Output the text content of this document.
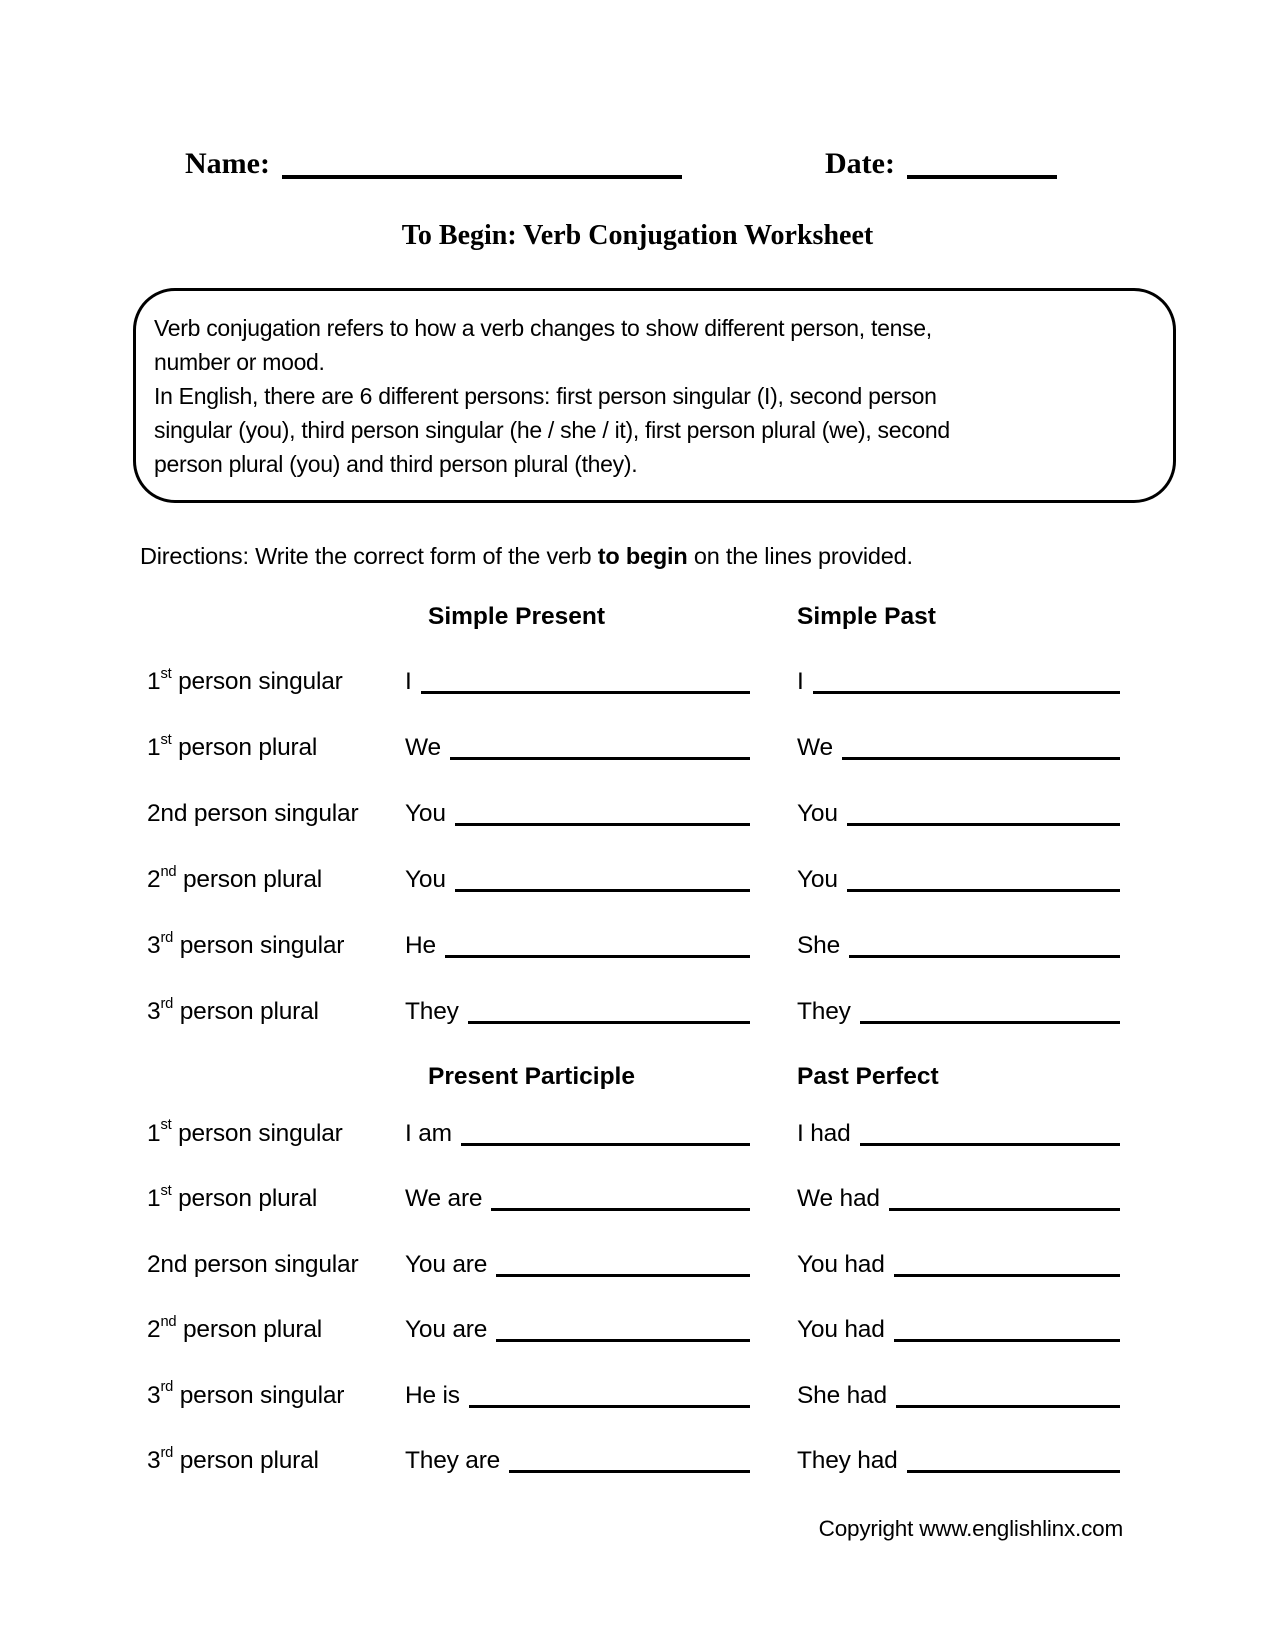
Name:	Date:
To Begin: Verb Conjugation Worksheet
Verb conjugation refers to how a verb changes to show different person, tense,
number or mood.
In English, there are 6 different persons: first person singular (I), second person
singular (you), third person singular (he / she / it), first person plural (we), second
person plural (you) and third person plural (they).
Directions: Write the correct form of the verb to begin on the lines provided.
Simple Present	Simple Past
1st person singular	I	I
1st person plural	We	We
2nd person singular	You	You
2nd person plural	You	You
3rd person singular	He	She
3rd person plural	They	They
Present Participle	Past Perfect
1st person singular	I am	I had
1st person plural	We are	We had
2nd person singular	You are	You had
2nd person plural	You are	You had
3rd person singular	He is	She had
3rd person plural	They are	They had
Copyright www.englishlinx.com
